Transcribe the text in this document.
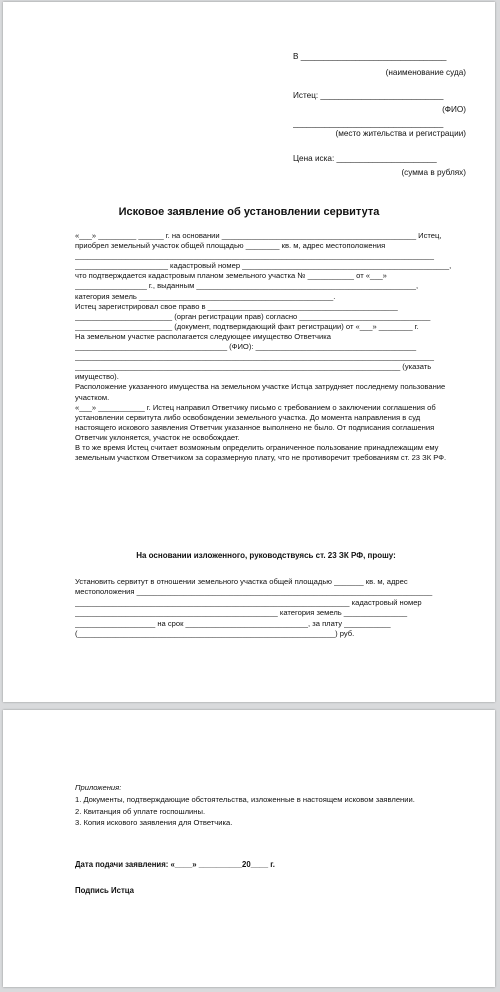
В ________________________________
(наименование суда)
Истец: ___________________________
(ФИО)
_________________________________
(место жительства и регистрации)
Цена иска: ______________________
(сумма в рублях)
Исковое заявление об установлении сервитута

«___» _________ ______ г. на основании ______________________________________________ Истец,

приобрел земельный участок общей площадью ________ кв. м, адрес местоположения

_____________________________________________________________________________________

______________________ кадастровый номер _________________________________________________,

что подтверждается кадастровым планом земельного участка № ___________ от «___»

_________________ г., выданным ____________________________________________________,

категория земель ______________________________________________.

Истец зарегистрировал свое право в _____________________________________________

_______________________ (орган регистрации прав) согласно _______________________________

_______________________ (документ, подтверждающий факт регистрации) от «___» ________ г.

На земельном участке располагается следующее имущество Ответчика

____________________________________ (ФИО): ______________________________________

_____________________________________________________________________________________

_____________________________________________________________________________ (указать

имущество).

Расположение указанного имущества на земельном участке Истца затрудняет последнему пользование участком.

«___» ___________ г. Истец направил Ответчику письмо с требованием о заключении соглашения об установлении сервитута либо освобождении земельного участка. До момента направления в суд настоящего искового заявления Ответчик указанное выполнено не было. От подписания соглашения Ответчик уклоняется, участок не освобождает.

В то же время Истец считает возможным определить ограниченное пользование принадлежащим ему земельным участком Ответчиком за соразмерную плату, что не противоречит требованиям ст. 23 ЗК РФ.

На основании изложенного, руководствуясь ст. 23 ЗК РФ, прошу:

Установить сервитут в отношении земельного участка общей площадью _______ кв. м, адрес

местоположения ______________________________________________________________________

_________________________________________________________________ кадастровый номер

________________________________________________ категория земель _______________

___________________ на срок _____________________________, за плату ___________

(_____________________________________________________________) руб.

Приложения:

1. Документы, подтверждающие обстоятельства, изложенные в настоящем исковом заявлении.

2. Квитанция об уплате госпошлины.

3. Копия искового заявления для Ответчика.

Дата подачи заявления: «____» __________20____ г.
Подпись Истца
